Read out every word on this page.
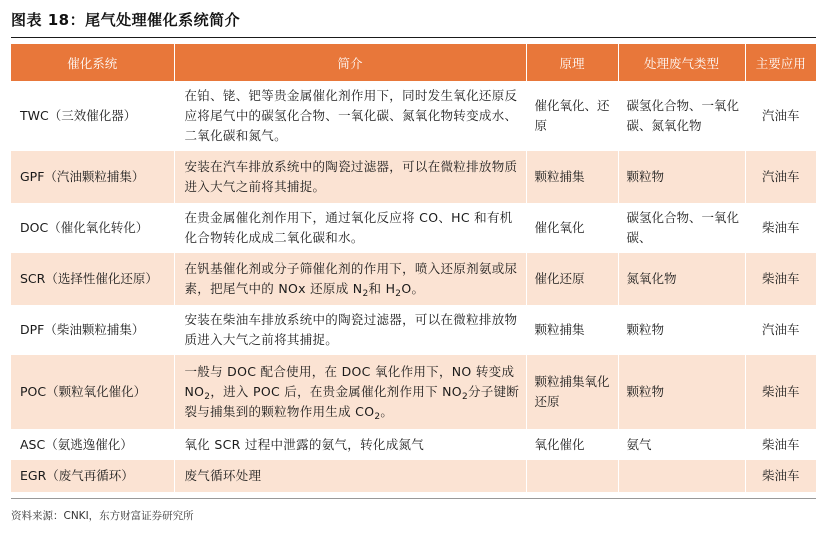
图表 18：尾气处理催化系统简介
催化系统	简介	原理	处理废气类型	主要应用
TWC（三效催化器）	在铂、铑、钯等贵金属催化剂作用下，同时发生氧化还原反应将尾气中的碳氢化合物、一氧化碳、氮氧化物转变成水、二氧化碳和氮气。	催化氧化、还原	碳氢化合物、一氧化碳、氮氧化物	汽油车
GPF（汽油颗粒捕集）	安装在汽车排放系统中的陶瓷过滤器，可以在微粒排放物质进入大气之前将其捕捉。	颗粒捕集	颗粒物	汽油车
DOC（催化氧化转化）	在贵金属催化剂作用下，通过氧化反应将 CO、HC 和有机化合物转化成成二氧化碳和水。	催化氧化	碳氢化合物、一氧化碳、	柴油车
SCR（选择性催化还原）	在钒基催化剂或分子筛催化剂的作用下，喷入还原剂氨或尿素，把尾气中的 NOx 还原成 $N_2$和 $H_2O$。	催化还原	氮氧化物	柴油车
DPF（柴油颗粒捕集）	安装在柴油车排放系统中的陶瓷过滤器，可以在微粒排放物质进入大气之前将其捕捉。	颗粒捕集	颗粒物	汽油车
POC（颗粒氧化催化）	一般与 DOC 配合使用，在 DOC 氧化作用下，NO 转变成 $NO_2$，进入 POC 后，在贵金属催化剂作用下 $NO_2$分子键断裂与捕集到的颗粒物作用生成 $CO_2$。	颗粒捕集氧化还原	颗粒物	柴油车
ASC（氨逃逸催化）	氧化 SCR 过程中泄露的氨气，转化成氮气	氧化催化	氨气	柴油车
EGR（废气再循环）	废气循环处理			柴油车
资料来源：CNKI，东方财富证券研究所
